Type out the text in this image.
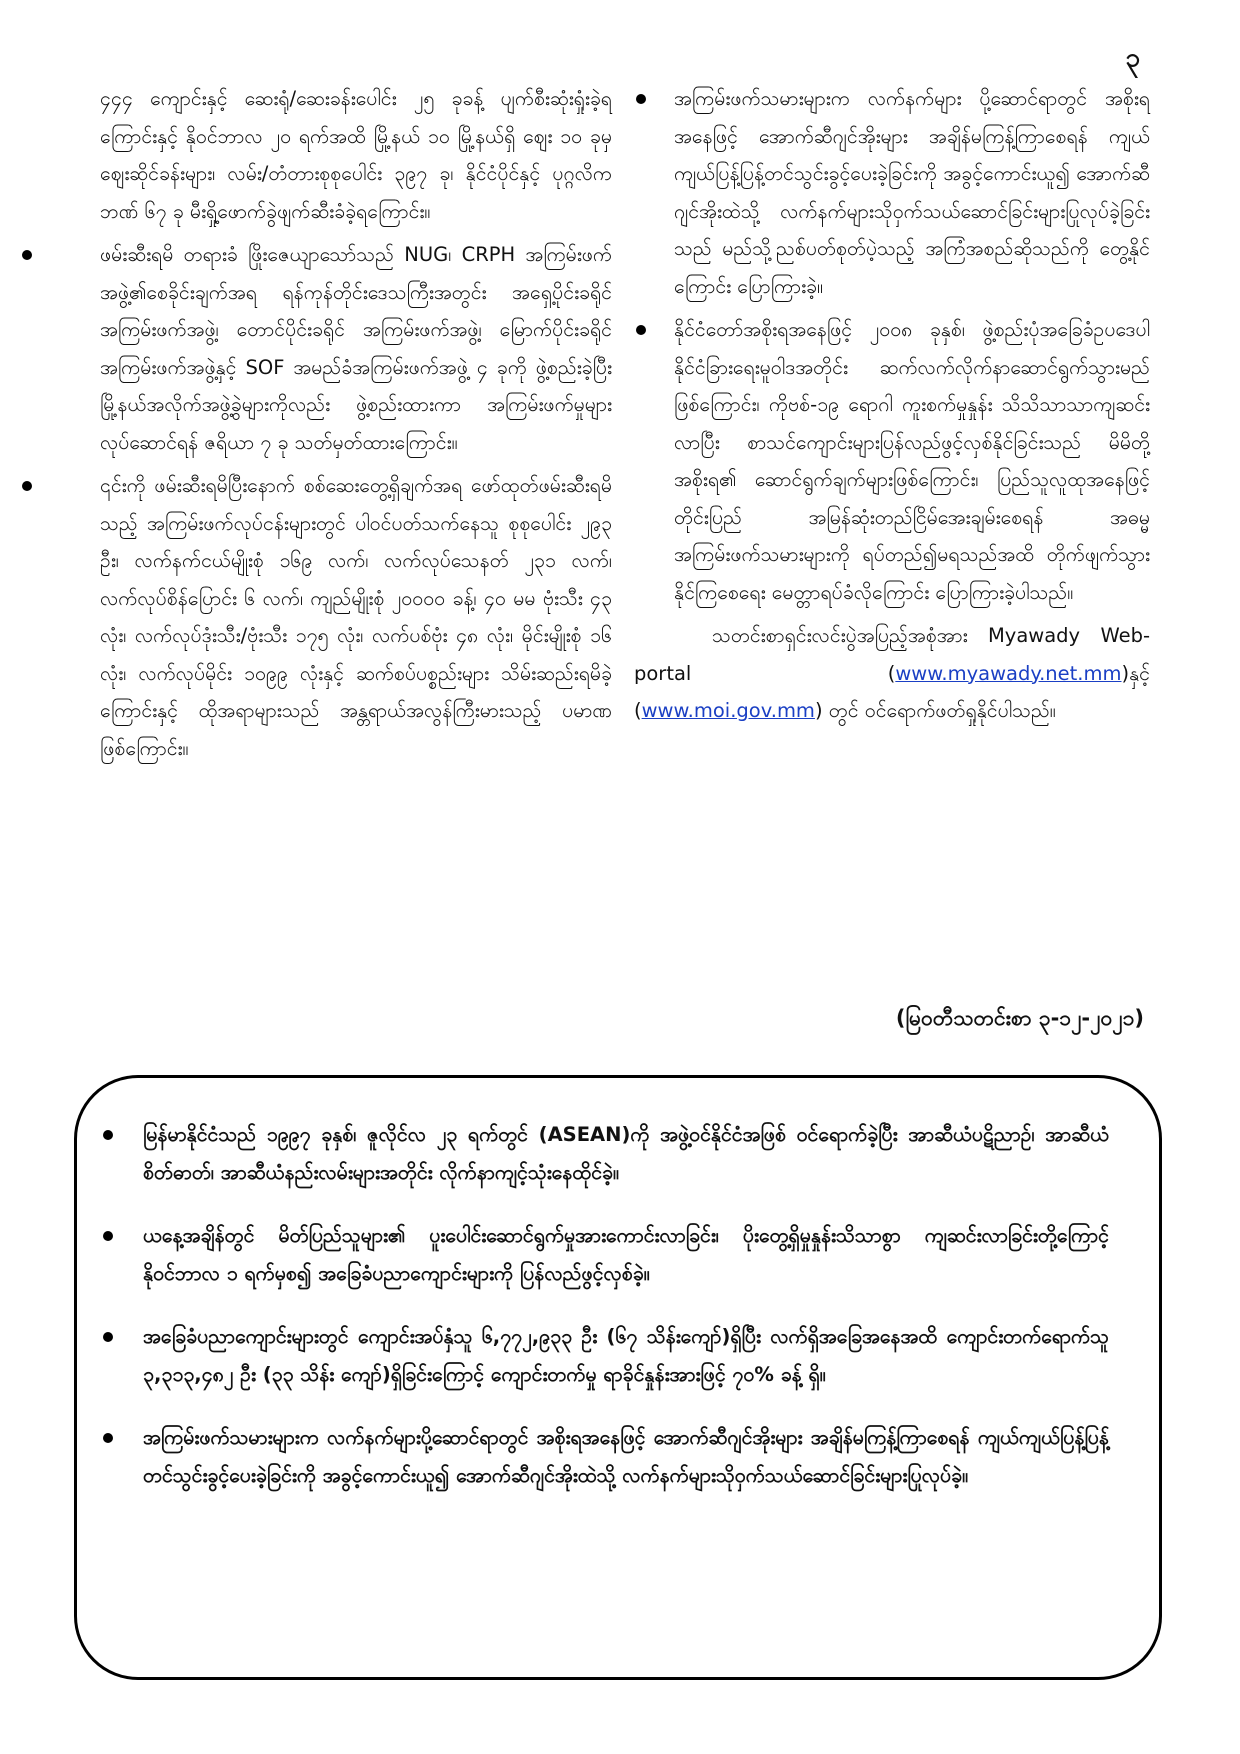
၃

၄၄၄ ကျောင်းနှင့် ဆေးရုံ/ဆေးခန်းပေါင်း ၂၅ ခုခန့် ပျက်စီးဆုံးရှုံးခဲ့ရကြောင်းနှင့် နိုဝင်ဘာလ ၂၀ ရက်အထိ မြို့နယ် ၁၀ မြို့နယ်ရှိ ဈေး ၁၀ ခုမှ ဈေးဆိုင်ခန်းများ၊ လမ်း/တံတားစုစုပေါင်း ၃၉၇ ခု၊ နိုင်ငံပိုင်နှင့် ပုဂ္ဂလိကဘဏ် ၆၇ ခု မီးရှို့ဖောက်ခွဲဖျက်ဆီးခံခဲ့ရကြောင်း။

ဖမ်းဆီးရမိ တရားခံ ဖြိုးဇေယျာသော်သည် NUG၊ CRPH အကြမ်းဖက်အဖွဲ့၏စေခိုင်းချက်အရ ရန်ကုန်တိုင်းဒေသကြီးအတွင်း အရှေ့ပိုင်းခရိုင် အကြမ်းဖက်အဖွဲ့၊ တောင်ပိုင်းခရိုင် အကြမ်းဖက်အဖွဲ့၊ မြောက်ပိုင်းခရိုင်အကြမ်းဖက်အဖွဲ့နှင့် SOF အမည်ခံအကြမ်းဖက်အဖွဲ့ ၄ ခုကို ဖွဲ့စည်းခဲ့ပြီး မြို့နယ်အလိုက်အဖွဲ့ခွဲများကိုလည်း ဖွဲ့စည်းထားကာ အကြမ်းဖက်မှုများလုပ်ဆောင်ရန် ဇရိယာ ၇ ခု သတ်မှတ်ထားကြောင်း။
၎င်းကို ဖမ်းဆီးရမိပြီးနောက် စစ်ဆေးတွေ့ရှိချက်အရ ဖော်ထုတ်ဖမ်းဆီးရမိသည့် အကြမ်းဖက်လုပ်ငန်းများတွင် ပါဝင်ပတ်သက်နေသူ စုစုပေါင်း ၂၉၃ ဦး၊ လက်နက်ငယ်မျိုးစုံ ၁၆၉ လက်၊ လက်လုပ်သေနတ် ၂၃၁ လက်၊ လက်လုပ်စိန်ပြောင်း ၆ လက်၊ ကျည်မျိုးစုံ ၂၀၀၀၀ ခန့်၊ ၄၀ မမ ဗုံးသီး ၄၃ လုံး၊ လက်လုပ်ဒုံးသီး/ဗုံးသီး ၁၇၅ လုံး၊ လက်ပစ်ဗုံး ၄၈ လုံး၊ မိုင်းမျိုးစုံ ၁၆ လုံး၊ လက်လုပ်မိုင်း ၁၀၉၉ လုံးနှင့် ဆက်စပ်ပစ္စည်းများ သိမ်းဆည်းရမိခဲ့ကြောင်းနှင့် ထိုအရာများသည် အန္တရာယ်အလွန်ကြီးမားသည့် ပမာဏဖြစ်ကြောင်း။
အကြမ်းဖက်သမားများက လက်နက်များ ပို့ဆောင်ရာတွင် အစိုးရအနေဖြင့် အောက်ဆီဂျင်အိုးများ အချိန်မကြန့်ကြာစေရန် ကျယ်ကျယ်ပြန့်ပြန့်တင်သွင်းခွင့်ပေးခဲ့ခြင်းကို အခွင့်ကောင်းယူ၍ အောက်ဆီဂျင်အိုးထဲသို့ လက်နက်များသိုဝှက်သယ်ဆောင်ခြင်းများပြုလုပ်ခဲ့ခြင်းသည် မည်သို့ညစ်ပတ်စုတ်ပဲ့သည့် အကြံအစည်ဆိုသည်ကို တွေ့နိုင်ကြောင်း ပြောကြားခဲ့။
နိုင်ငံတော်အစိုးရအနေဖြင့် ၂၀၀၈ ခုနှစ်၊ ဖွဲ့စည်းပုံအခြေခံဥပဒေပါ နိုင်ငံခြားရေးမူဝါဒအတိုင်း ဆက်လက်လိုက်နာဆောင်ရွက်သွားမည်ဖြစ်ကြောင်း၊ ကိုဗစ်-၁၉ ရောဂါ ကူးစက်မှုနှုန်း သိသိသာသာကျဆင်းလာပြီး စာသင်ကျောင်းများပြန်လည်ဖွင့်လှစ်နိုင်ခြင်းသည် မိမိတို့အစိုးရ၏ ဆောင်ရွက်ချက်များဖြစ်ကြောင်း၊ ပြည်သူလူထုအနေဖြင့် တိုင်းပြည် အမြန်ဆုံးတည်ငြိမ်အေးချမ်းစေရန် အဓမ္မအကြမ်းဖက်သမားများကို ရပ်တည်၍မရသည်အထိ တိုက်ဖျက်သွားနိုင်ကြစေရေး မေတ္တာရပ်ခံလိုကြောင်း ပြောကြားခဲ့ပါသည်။

သတင်းစာရှင်းလင်းပွဲအပြည့်အစုံအား Myawady Web-portal (www.myawady.net.mm)နှင့် (www.moi.gov.mm) တွင် ဝင်ရောက်ဖတ်ရှုနိုင်ပါသည်။

(မြဝတီသတင်းစာ ၃-၁၂-၂၀၂၁)
မြန်မာနိုင်ငံသည် ၁၉၉၇ ခုနှစ်၊ ဇူလိုင်လ ၂၃ ရက်တွင် (ASEAN)ကို အဖွဲ့ဝင်နိုင်ငံအဖြစ် ဝင်ရောက်ခဲ့ပြီး အာဆီယံပဋိညာဉ်၊ အာဆီယံစိတ်ဓာတ်၊ အာဆီယံနည်းလမ်းများအတိုင်း လိုက်နာကျင့်သုံးနေထိုင်ခဲ့။
ယနေ့အချိန်တွင် မိတ်ပြည်သူများ၏ ပူးပေါင်းဆောင်ရွက်မှုအားကောင်းလာခြင်း၊ ပိုးတွေ့ရှိမှုနှုန်းသိသာစွာ ကျဆင်းလာခြင်းတို့ကြောင့် နိုဝင်ဘာလ ၁ ရက်မှစ၍ အခြေခံပညာကျောင်းများကို ပြန်လည်ဖွင့်လှစ်ခဲ့။
အခြေခံပညာကျောင်းများတွင် ကျောင်းအပ်နှံသူ ၆,၇၇၂,၉၃၃ ဦး (၆၇ သိန်းကျော်)ရှိပြီး လက်ရှိအခြေအနေအထိ ကျောင်းတက်ရောက်သူ ၃,၃၁၃,၄၈၂ ဦး (၃၃ သိန်း ကျော်)ရှိခြင်းကြောင့် ကျောင်းတက်မှု ရာခိုင်နှုန်းအားဖြင့် ၇၀% ခန့် ရှိ။
အကြမ်းဖက်သမားများက လက်နက်များပို့ဆောင်ရာတွင် အစိုးရအနေဖြင့် အောက်ဆီဂျင်အိုးများ အချိန်မကြန့်ကြာစေရန် ကျယ်ကျယ်ပြန့်ပြန့် တင်သွင်းခွင့်ပေးခဲ့ခြင်းကို အခွင့်ကောင်းယူ၍ အောက်ဆီဂျင်အိုးထဲသို့ လက်နက်များသိုဝှက်သယ်ဆောင်ခြင်းများပြုလုပ်ခဲ့။
